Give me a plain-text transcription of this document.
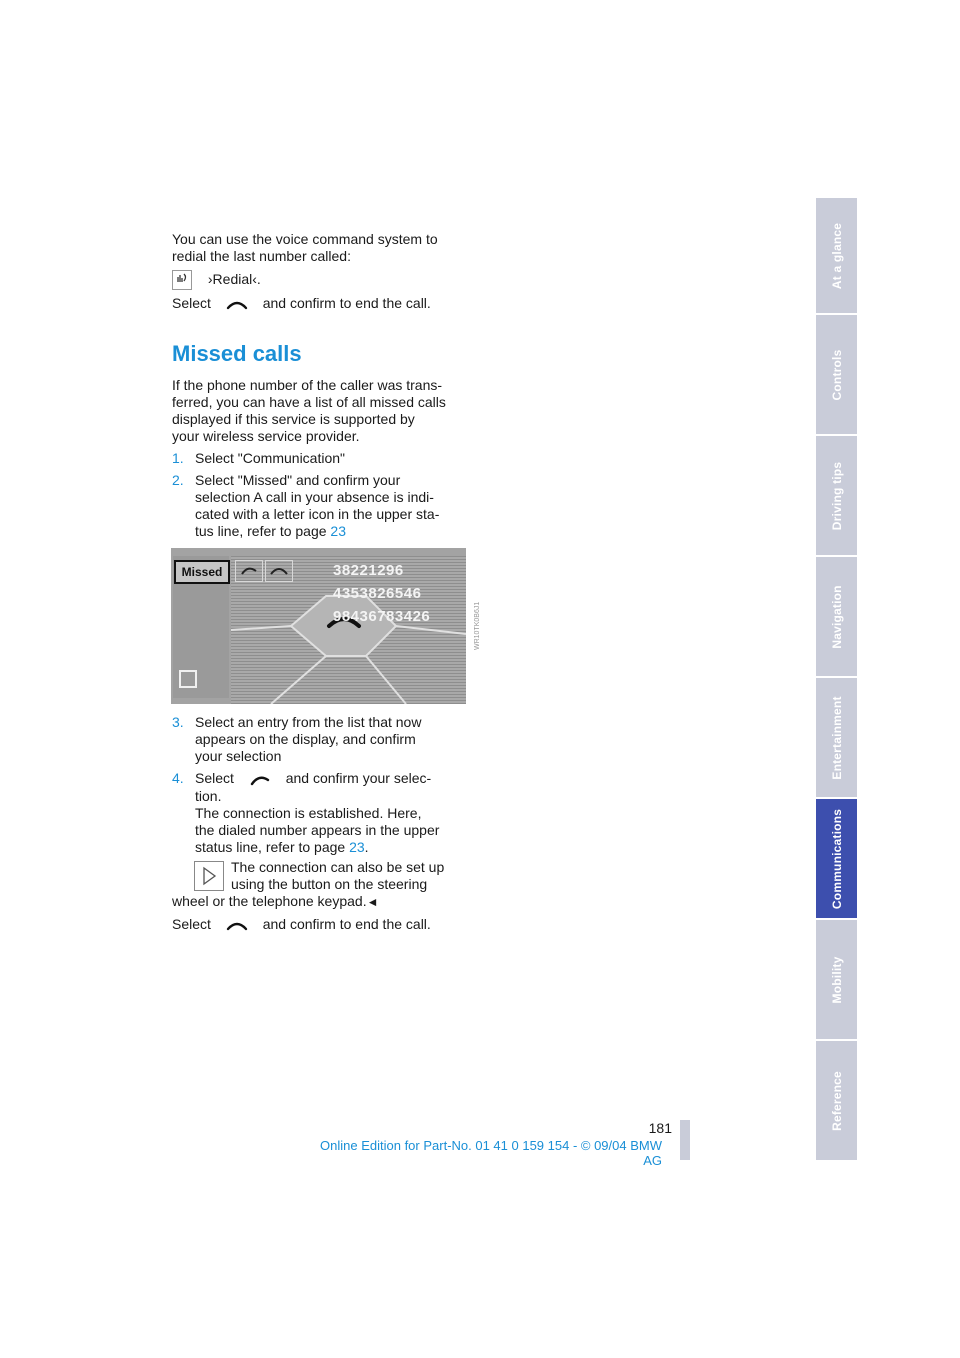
You can use the voice command system to

redial the last number called:

›Redial‹.
Select	and confirm to end the call.
Missed calls

If the phone number of the caller was trans-

ferred, you can have a list of all missed calls

displayed if this service is supported by

your wireless service provider.

1. Select "Communication"

2. Select "Missed" and confirm your

selection A call in your absence is indi-

cated with a letter icon in the upper sta-

tus line, refer to page 23

Missed	38221296
4353826546
98436783426	WR10TK0B6J1
3. Select an entry from the list that now

appears on the display, and confirm

your selection

4. Select	and confirm your selec-

tion.

The connection is established. Here,

the dialed number appears in the upper

status line, refer to page 23.

The connection can also be set up

using the button on the steering

wheel or the telephone keypad.◄

Select	and confirm to end the call.
At a glance
Controls
Driving tips
Navigation
Entertainment
Communications
Mobility
Reference
181
Online Edition for Part-No. 01 41 0 159 154 - © 09/04 BMW AG
